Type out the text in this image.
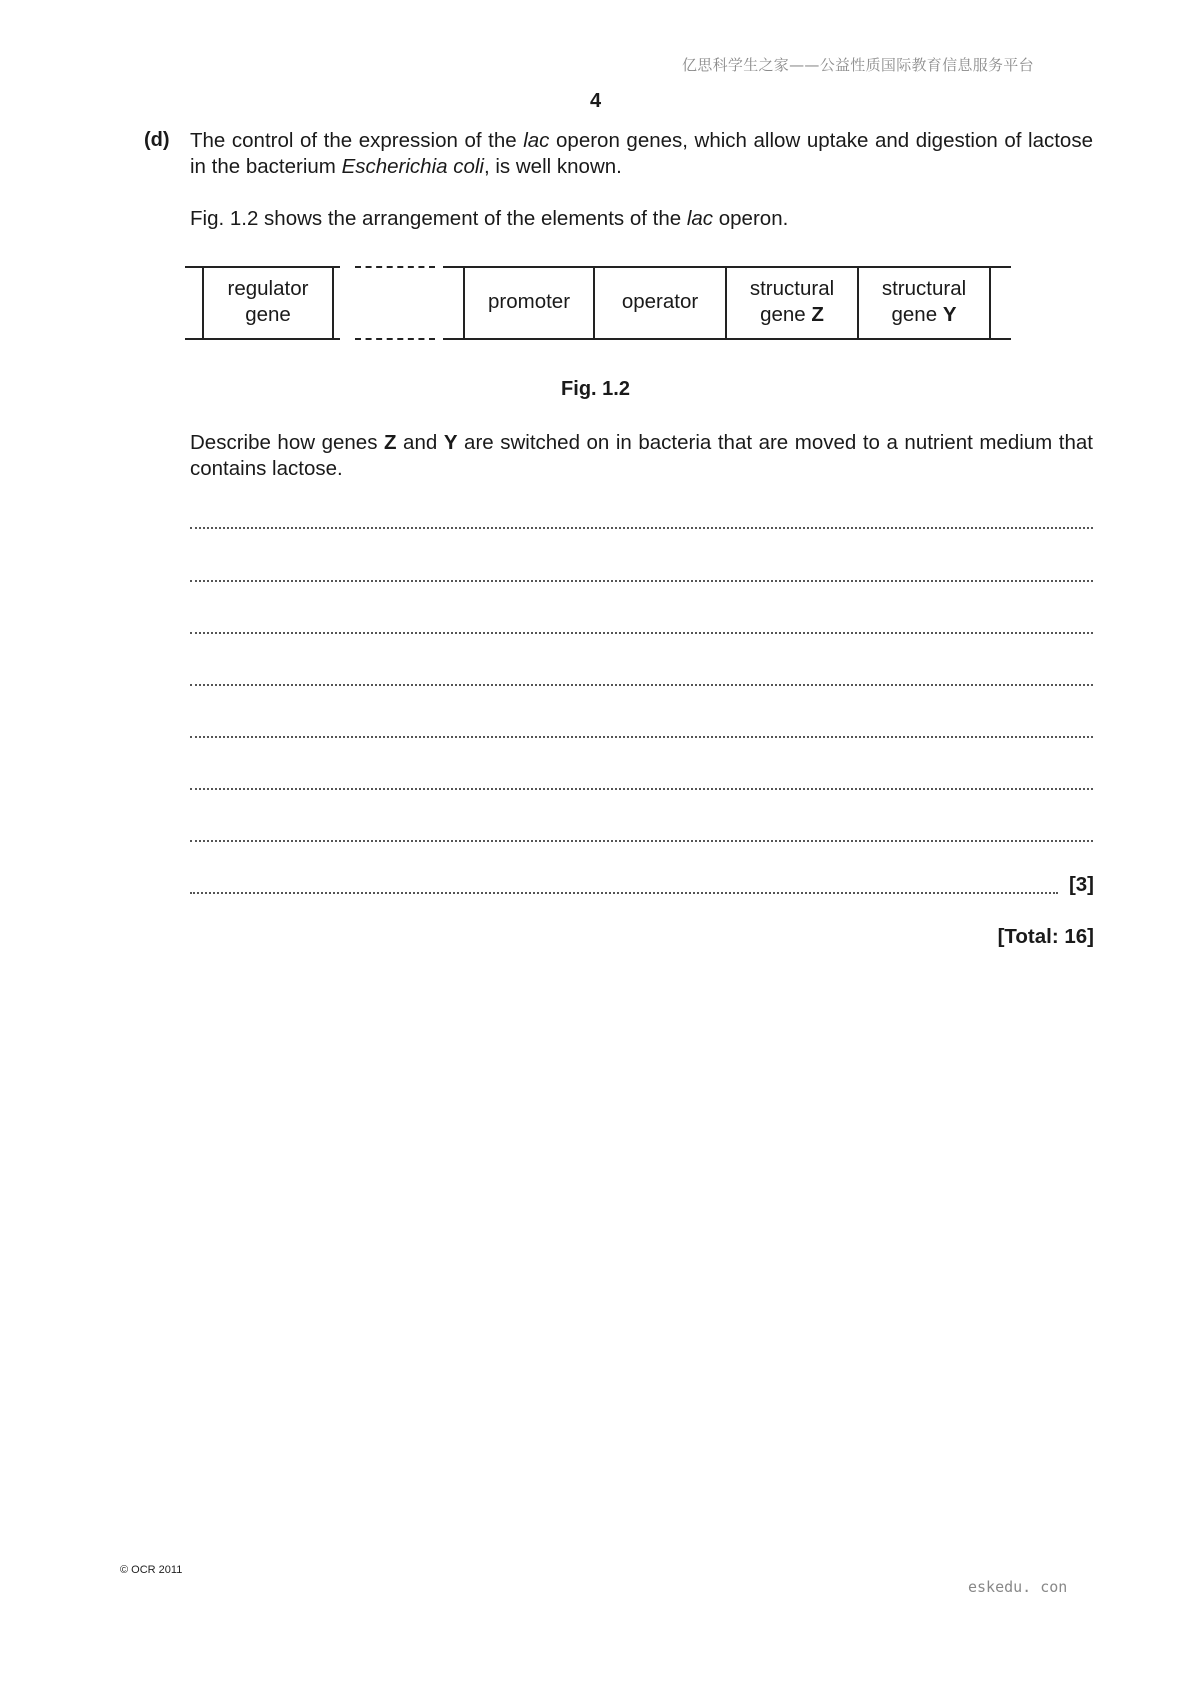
亿思科学生之家——公益性质国际教育信息服务平台
4
(d) The control of the expression of the lac operon genes, which allow uptake and digestion of lactose in the bacterium Escherichia coli, is well known.
Fig. 1.2 shows the arrangement of the elements of the lac operon.
regulator
gene
promoter	operator
structural
gene Z
structural
gene Y
Fig. 1.2
Describe how genes Z and Y are switched on in bacteria that are moved to a nutrient medium that contains lactose.
[3]
[Total: 16]
© OCR 2011
eskedu. con
